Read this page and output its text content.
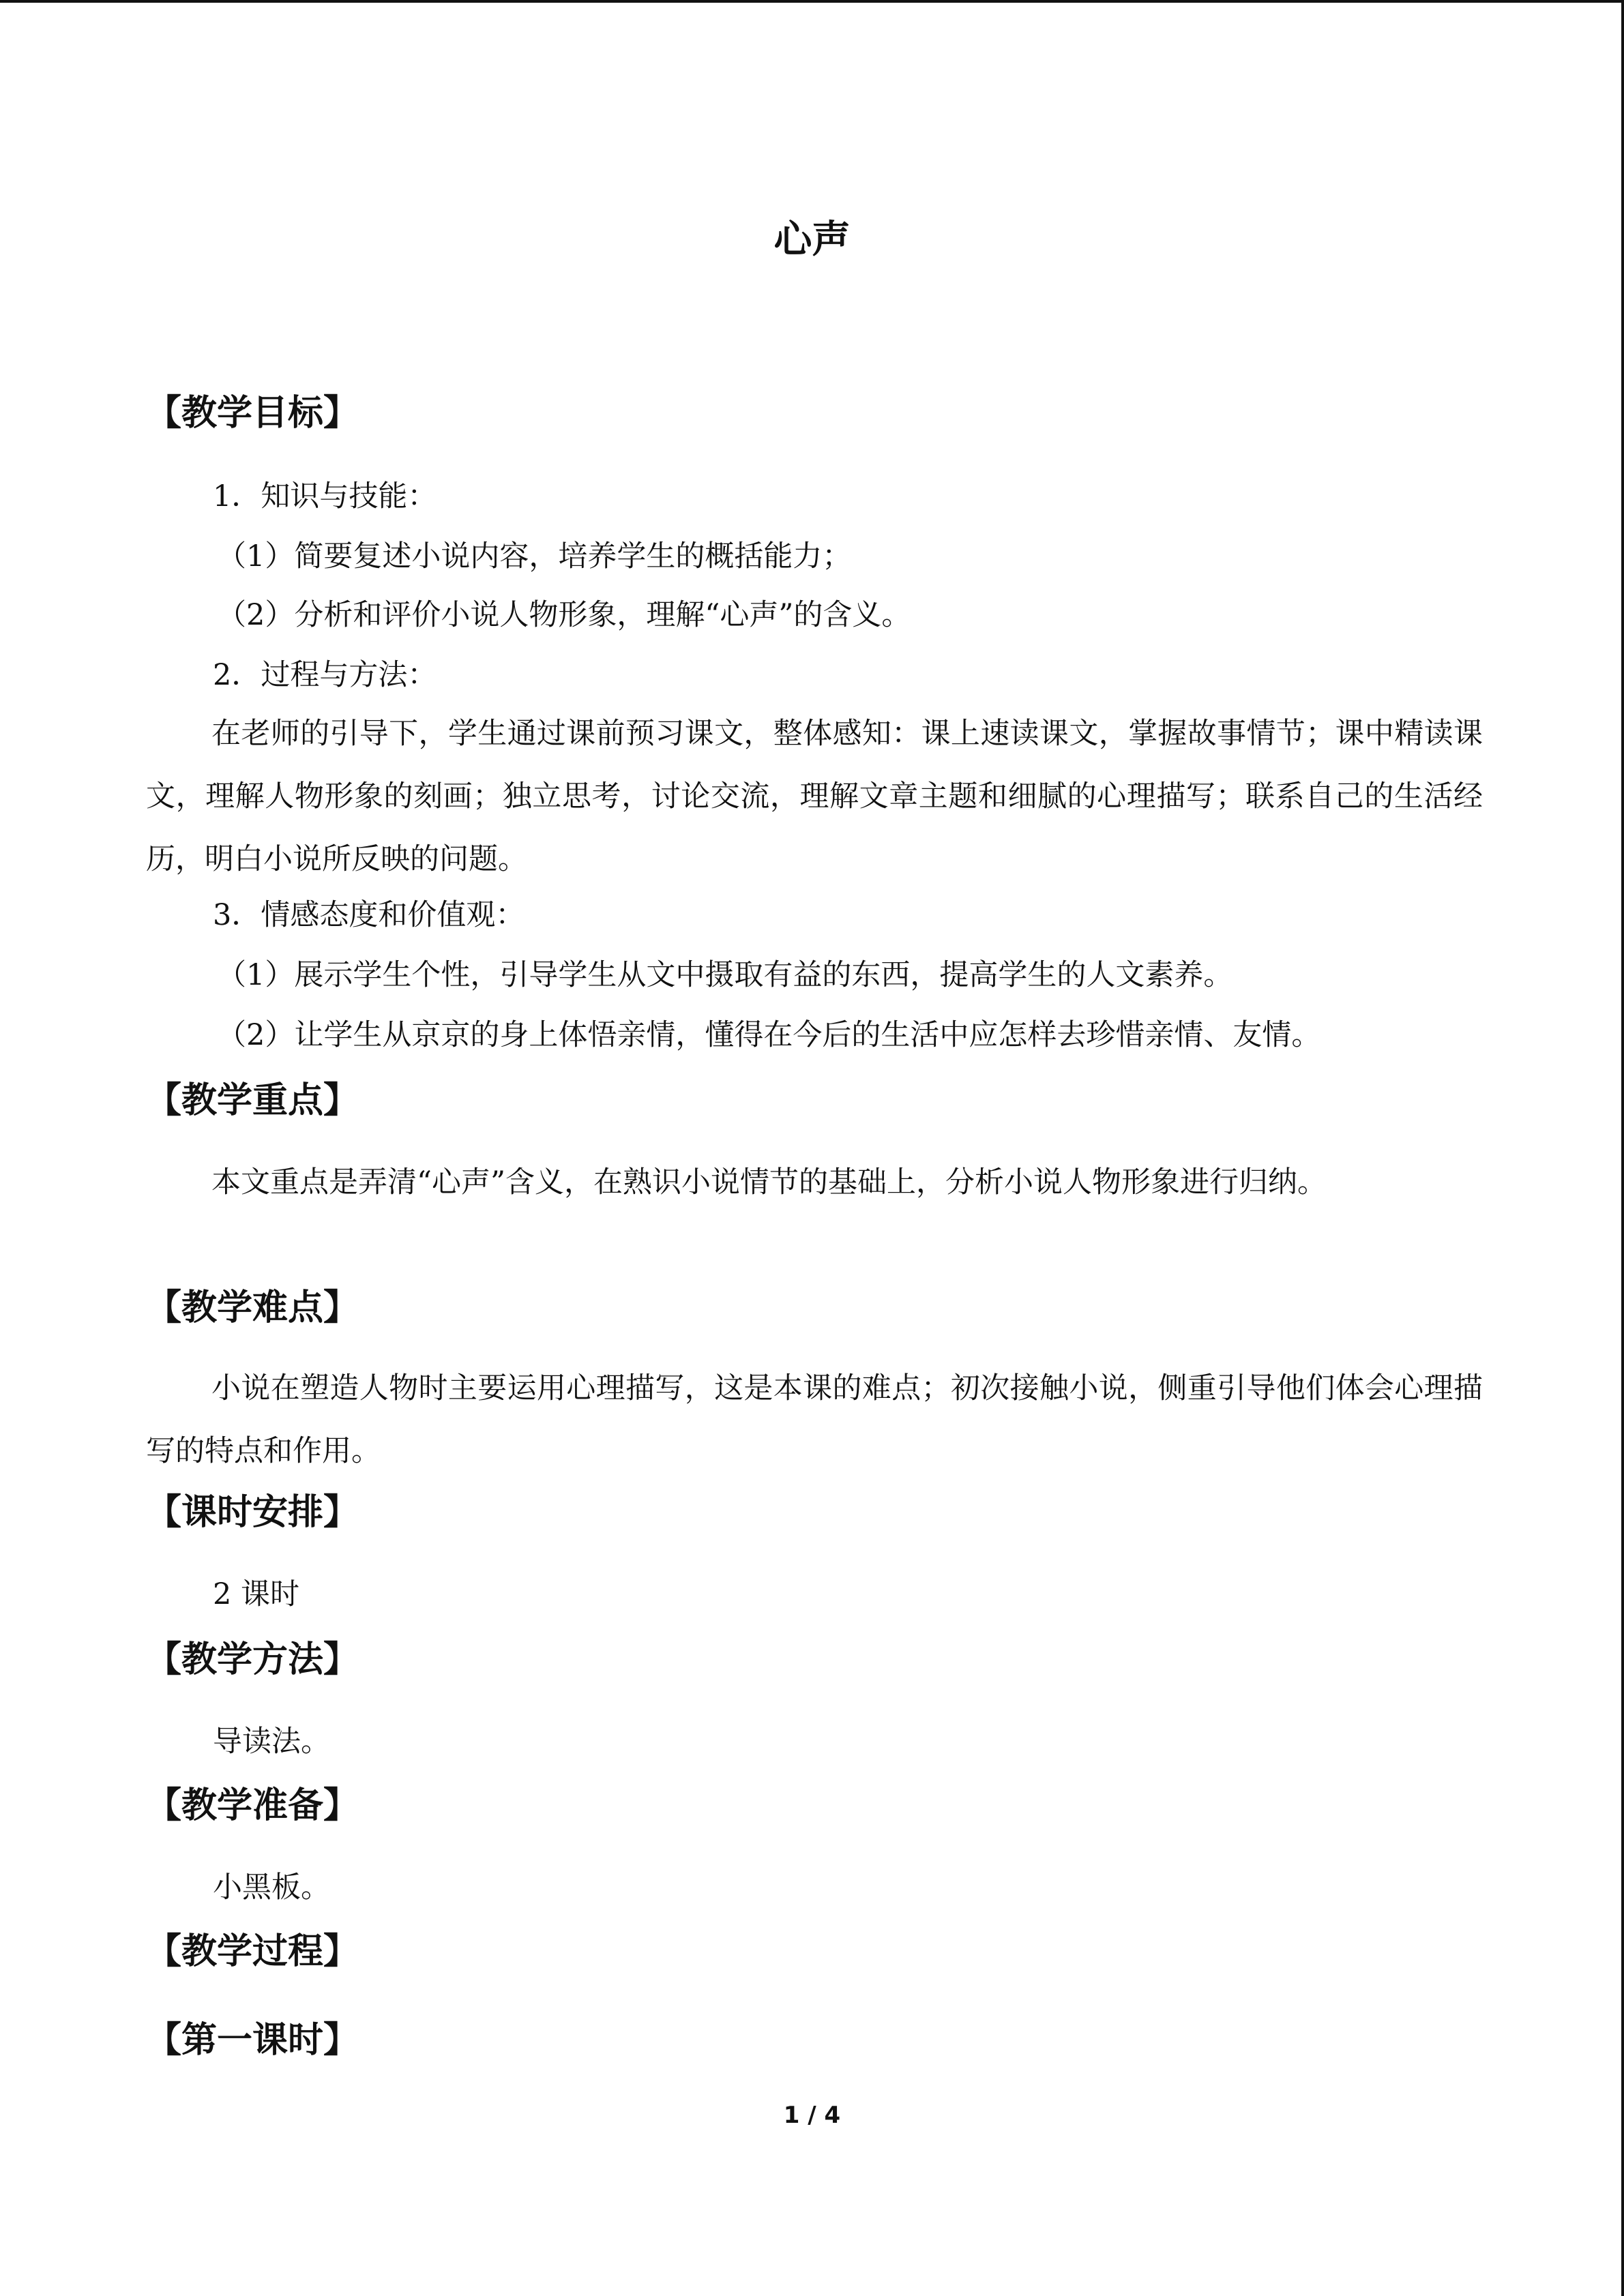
心声
【教学目标】
1．知识与技能：
（1）简要复述小说内容，培养学生的概括能力；
（2）分析和评价小说人物形象，理解“心声”的含义。
2．过程与方法：
在老师的引导下，学生通过课前预习课文，整体感知：课上速读课文，掌握故事情节；课中精读课文，理解人物形象的刻画；独立思考，讨论交流，理解文章主题和细腻的心理描写；联系自己的生活经历，明白小说所反映的问题。
3．情感态度和价值观：
（1）展示学生个性，引导学生从文中摄取有益的东西，提高学生的人文素养。
（2）让学生从京京的身上体悟亲情，懂得在今后的生活中应怎样去珍惜亲情、友情。
【教学重点】
本文重点是弄清“心声”含义，在熟识小说情节的基础上，分析小说人物形象进行归纳。
【教学难点】
小说在塑造人物时主要运用心理描写，这是本课的难点；初次接触小说，侧重引导他们体会心理描写的特点和作用。
【课时安排】
2 课时
【教学方法】
导读法。
【教学准备】
小黑板。
【教学过程】
【第一课时】
1 / 4
